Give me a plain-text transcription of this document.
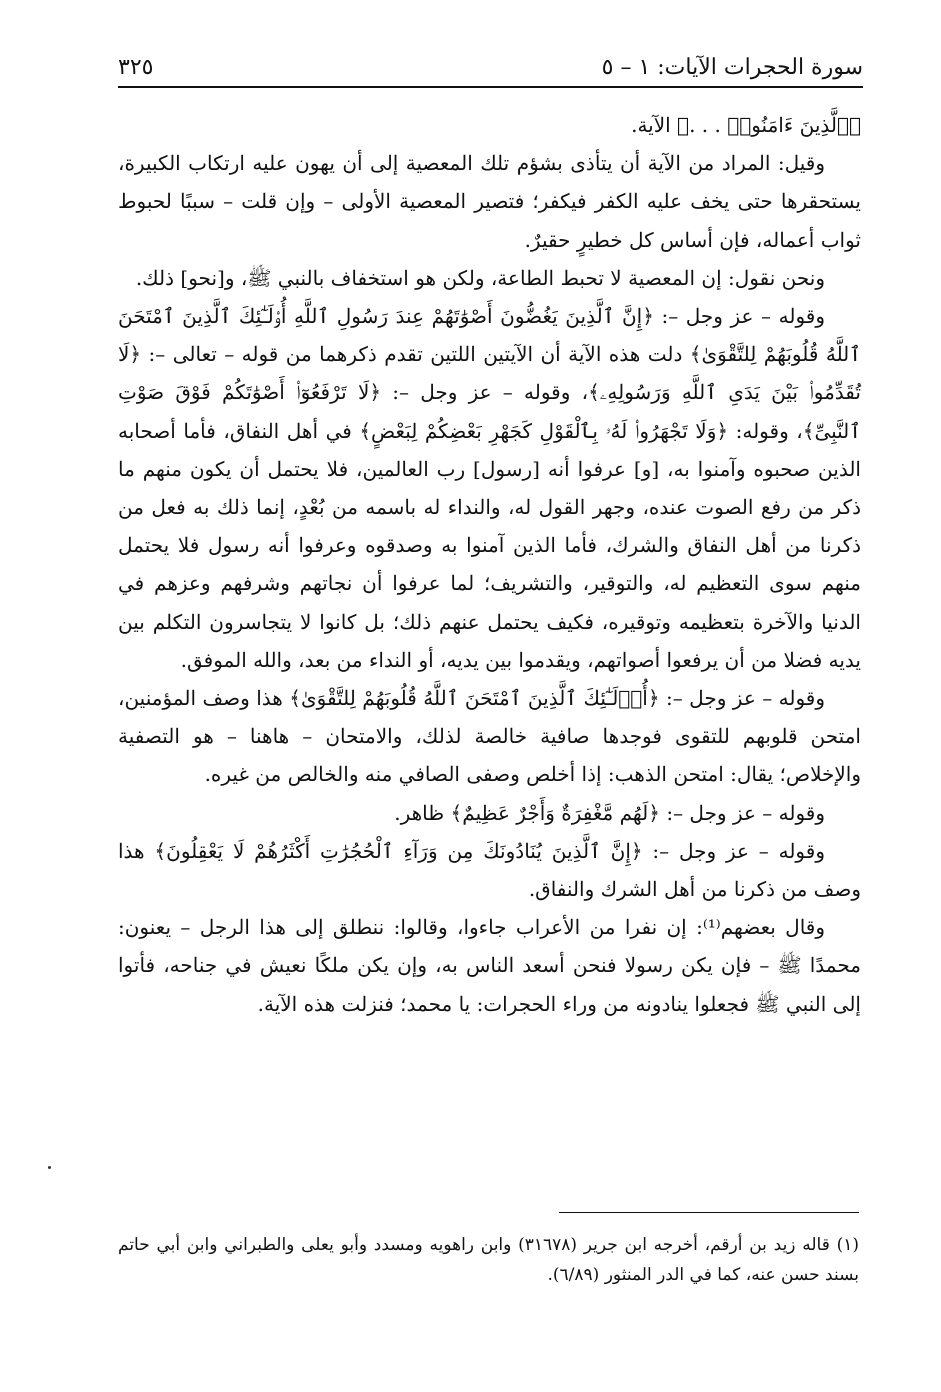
سورة الحجرات الآيات: ١ – ٥
٣٢٥

﴿ٱلَّذِينَ ءَامَنُوا۟ . . .﴾ الآية.

وقيل: المراد من الآية أن يتأذى بشؤم تلك المعصية إلى أن يهون عليه ارتكاب الكبيرة، يستحقرها حتى يخف عليه الكفر فيكفر؛ فتصير المعصية الأولى – وإن قلت – سببًا لحبوط ثواب أعماله، فإن أساس كل خطيرٍ حقيرٌ.

ونحن نقول: إن المعصية لا تحبط الطاعة، ولكن هو استخفاف بالنبي ﷺ، و[نحو] ذلك.

وقوله – عز وجل –: ﴿إِنَّ ٱلَّذِينَ يَغُضُّونَ أَصْوَٰتَهُمْ عِندَ رَسُولِ ٱللَّهِ أُو۟لَـٰٓئِكَ ٱلَّذِينَ ٱمْتَحَنَ ٱللَّهُ قُلُوبَهُمْ لِلتَّقْوَىٰ﴾ دلت هذه الآية أن الآيتين اللتين تقدم ذكرهما من قوله – تعالى –: ﴿لَا تُقَدِّمُوا۟ بَيْنَ يَدَىِ ٱللَّهِ وَرَسُولِهِۦ﴾، وقوله – عز وجل –: ﴿لَا تَرْفَعُوٓا۟ أَصْوَٰتَكُمْ فَوْقَ صَوْتِ ٱلنَّبِىِّ﴾، وقوله: ﴿وَلَا تَجْهَرُوا۟ لَهُۥ بِٱلْقَوْلِ كَجَهْرِ بَعْضِكُمْ لِبَعْضٍ﴾ في أهل النفاق، فأما أصحابه الذين صحبوه وآمنوا به، [و] عرفوا أنه [رسول] رب العالمين، فلا يحتمل أن يكون منهم ما ذكر من رفع الصوت عنده، وجهر القول له، والنداء له باسمه من بُعْدٍ، إنما ذلك به فعل من ذكرنا من أهل النفاق والشرك، فأما الذين آمنوا به وصدقوه وعرفوا أنه رسول فلا يحتمل منهم سوى التعظيم له، والتوقير، والتشريف؛ لما عرفوا أن نجاتهم وشرفهم وعزهم في الدنيا والآخرة بتعظيمه وتوقيره، فكيف يحتمل عنهم ذلك؛ بل كانوا لا يتجاسرون التكلم بين يديه فضلا من أن يرفعوا أصواتهم، ويقدموا بين يديه، أو النداء من بعد، والله الموفق.

وقوله – عز وجل –: ﴿أُو۟لَـٰٓئِكَ ٱلَّذِينَ ٱمْتَحَنَ ٱللَّهُ قُلُوبَهُمْ لِلتَّقْوَىٰ﴾ هذا وصف المؤمنين، امتحن قلوبهم للتقوى فوجدها صافية خالصة لذلك، والامتحان – هاهنا – هو التصفية والإخلاص؛ يقال: امتحن الذهب: إذا أخلص وصفى الصافي منه والخالص من غيره.

وقوله – عز وجل –: ﴿لَهُم مَّغْفِرَةٌ وَأَجْرٌ عَظِيمٌ﴾ ظاهر.

وقوله – عز وجل –: ﴿إِنَّ ٱلَّذِينَ يُنَادُونَكَ مِن وَرَآءِ ٱلْحُجُرَٰتِ أَكْثَرُهُمْ لَا يَعْقِلُونَ﴾ هذا وصف من ذكرنا من أهل الشرك والنفاق.

وقال بعضهم⁽¹⁾: إن نفرا من الأعراب جاءوا، وقالوا: ننطلق إلى هذا الرجل – يعنون: محمدًا ﷺ – فإن يكن رسولا فنحن أسعد الناس به، وإن يكن ملكًا نعيش في جناحه، فأتوا إلى النبي ﷺ فجعلوا ينادونه من وراء الحجرات: يا محمد؛ فنزلت هذه الآية.

(١) قاله زيد بن أرقم، أخرجه ابن جرير (٣١٦٧٨) وابن راهويه ومسدد وأبو يعلى والطبراني وابن أبي حاتم بسند حسن عنه، كما في الدر المنثور (٦/٨٩).
